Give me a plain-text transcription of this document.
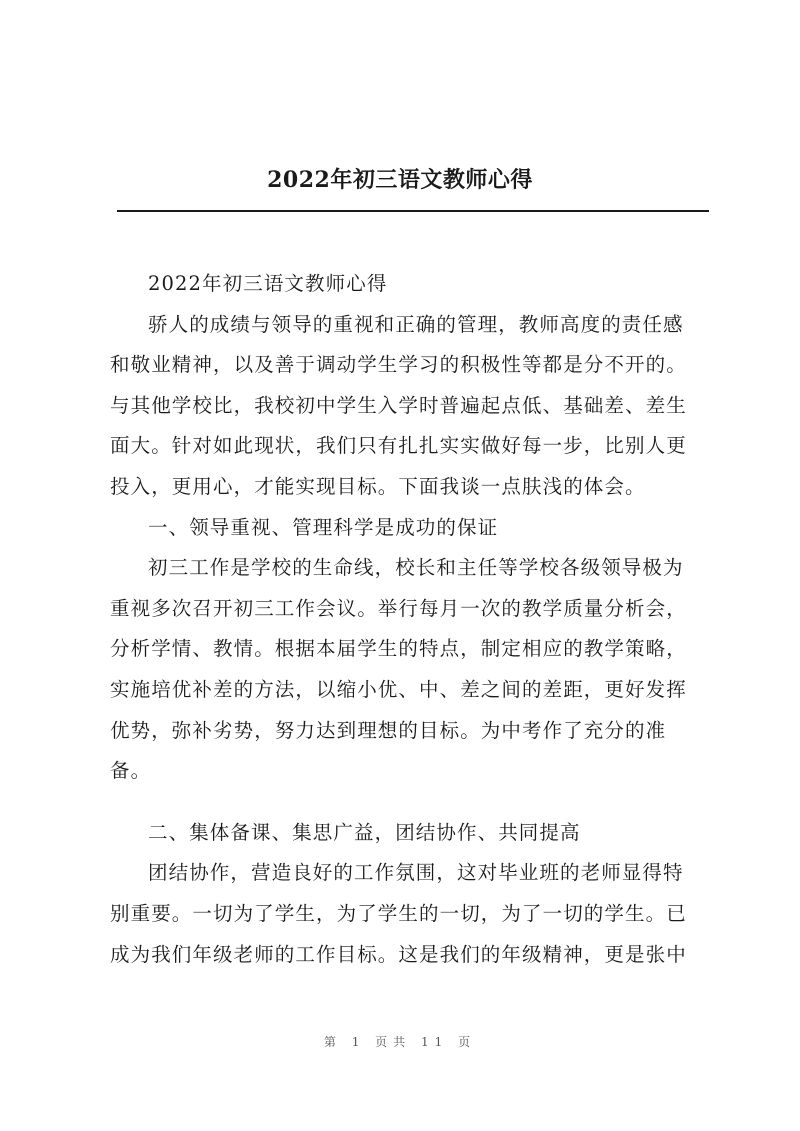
2022年初三语文教师心得

2022年初三语文教师心得

骄人的成绩与领导的重视和正确的管理，教师高度的责任感

和敬业精神，以及善于调动学生学习的积极性等都是分不开的。

与其他学校比，我校初中学生入学时普遍起点低、基础差、差生

面大。针对如此现状，我们只有扎扎实实做好每一步，比别人更

投入，更用心，才能实现目标。下面我谈一点肤浅的体会。

一、领导重视、管理科学是成功的保证

初三工作是学校的生命线，校长和主任等学校各级领导极为

重视多次召开初三工作会议。举行每月一次的教学质量分析会，

分析学情、教情。根据本届学生的特点，制定相应的教学策略，

实施培优补差的方法，以缩小优、中、差之间的差距，更好发挥

优势，弥补劣势，努力达到理想的目标。为中考作了充分的准

备。

二、集体备课、集思广益，团结协作、共同提高

团结协作，营造良好的工作氛围，这对毕业班的老师显得特

别重要。一切为了学生，为了学生的一切，为了一切的学生。已

成为我们年级老师的工作目标。这是我们的年级精神，更是张中

第 1 页共 11 页
